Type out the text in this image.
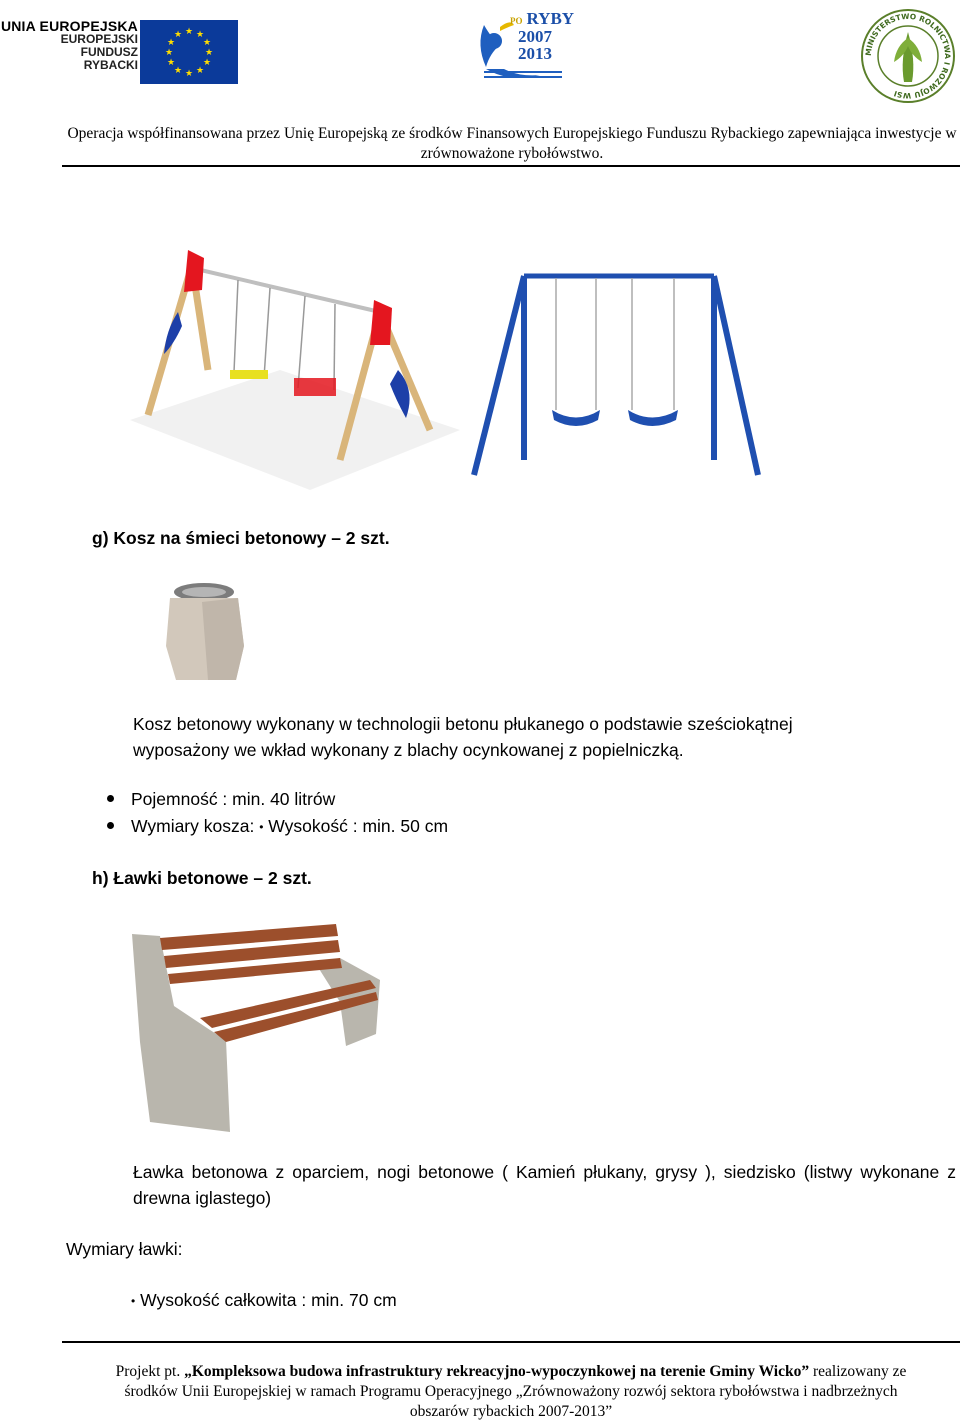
UNIA EUROPEJSKA
EUROPEJSKI
FUNDUSZ
RYBACKI
★ ★
★
★
★
★
★
★
★
★
★
★
PO RYBY
2007
2013	MINISTERSTWO ROLNICTWA I ROZWOJU WSI
Operacja współfinansowana przez Unię Europejską ze środków Finansowych Europejskiego Funduszu Rybackiego zapewniająca inwestycje w zrównoważone rybołówstwo.
g) Kosz na śmieci betonowy – 2 szt.
Kosz betonowy wykonany w technologii betonu płukanego o podstawie sześciokątnej wyposażony we wkład wykonany z blachy ocynkowanej z popielniczką.
Pojemność : min. 40 litrów
Wymiary kosza: • Wysokość : min. 50 cm
h) Ławki betonowe – 2 szt.
Ławka betonowa z oparciem, nogi betonowe ( Kamień płukany, grysy ), siedzisko (listwy wykonane z drewna iglastego)
Wymiary ławki:
• Wysokość całkowita : min. 70 cm
Projekt pt. „Kompleksowa budowa infrastruktury rekreacyjno-wypoczynkowej na terenie Gminy Wicko” realizowany ze
środków Unii Europejskiej w ramach Programu Operacyjnego „Zrównoważony rozwój sektora rybołówstwa i nadbrzeżnych
obszarów rybackich 2007-2013”
